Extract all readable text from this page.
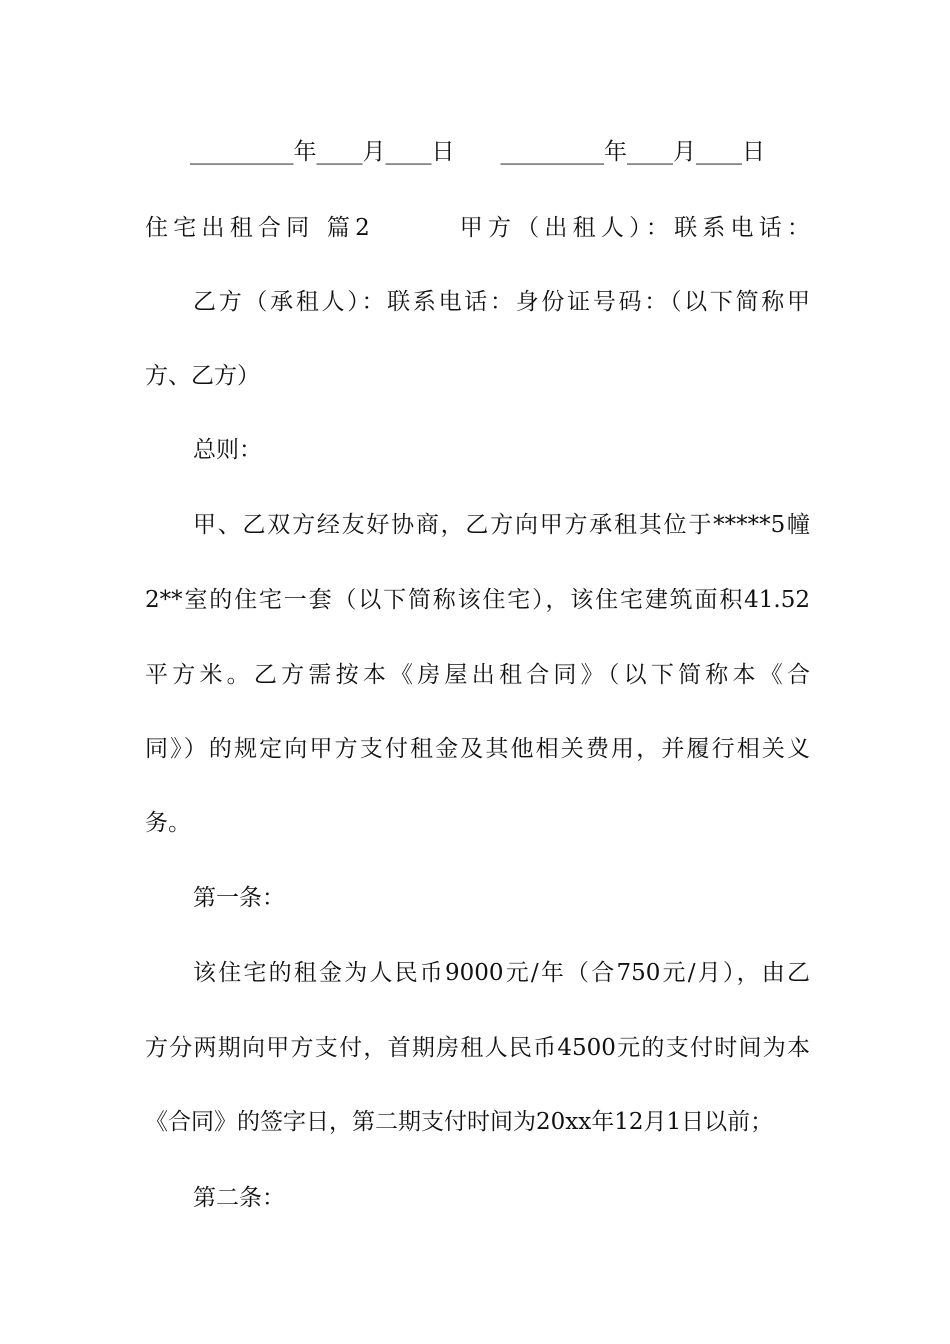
_________年____月____日 _________年____月____日
住宅出租合同 篇2　　　甲方（出租人）：联系电话：
乙方（承租人）：联系电话：身份证号码：（以下简称甲
方、乙方）
总则：
甲、乙双方经友好协商，乙方向甲方承租其位于*****5幢
2**室的住宅一套（以下简称该住宅），该住宅建筑面积41.52
平方米。乙方需按本《房屋出租合同》（以下简称本《合
同》）的规定向甲方支付租金及其他相关费用，并履行相关义
务。
第一条：
该住宅的租金为人民币9000元/年（合750元/月），由乙
方分两期向甲方支付，首期房租人民币4500元的支付时间为本
《合同》的签字日，第二期支付时间为20xx年12月1日以前；
第二条：
